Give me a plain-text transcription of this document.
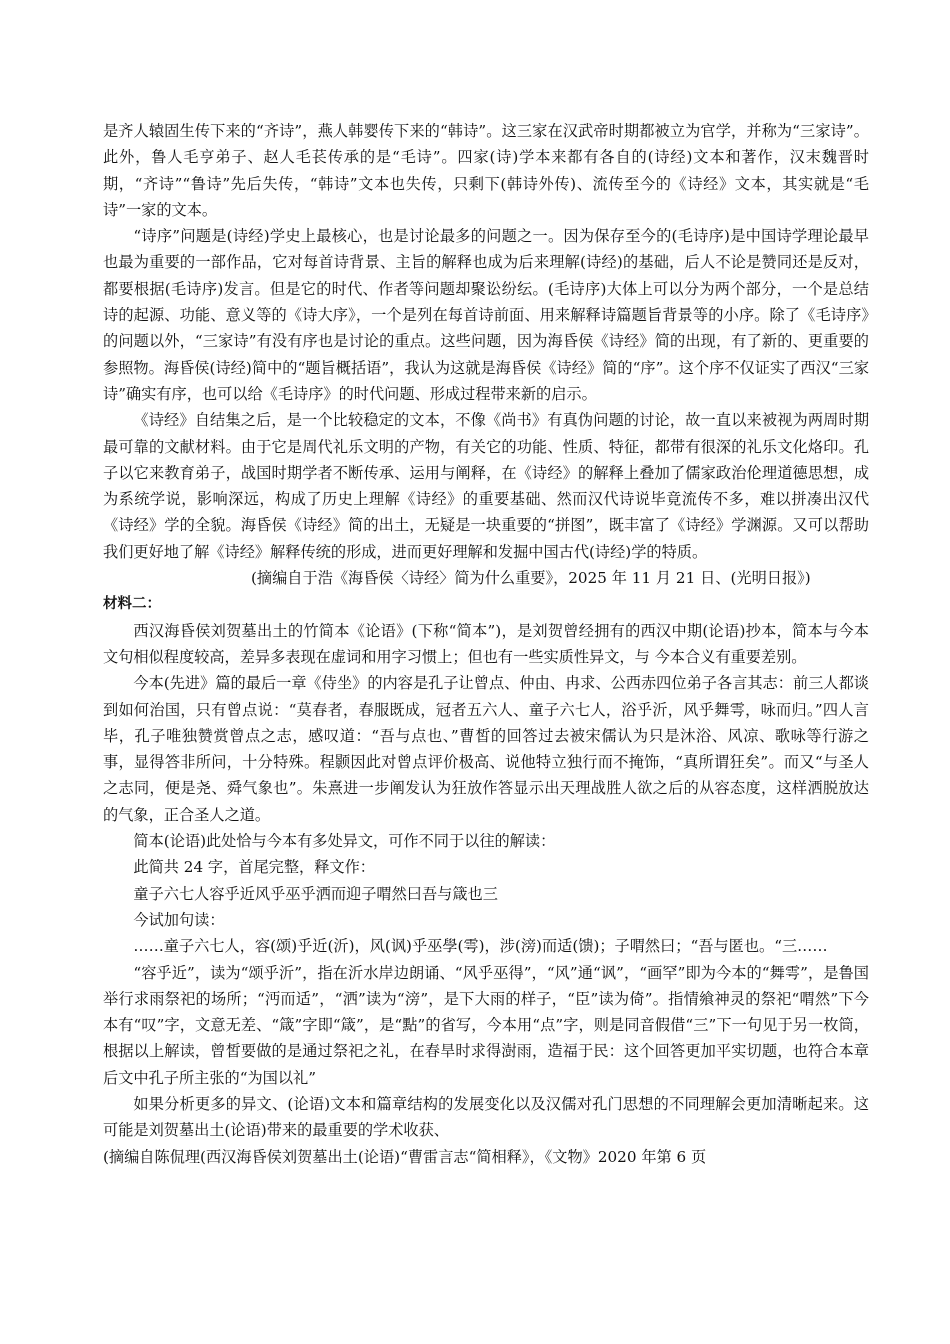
是齐人辕固生传下来的“齐诗”，燕人韩婴传下来的“韩诗”。这三家在汉武帝时期都被立为官学，并称为“三家诗”。此外，鲁人毛亨弟子、赵人毛苌传承的是“毛诗”。四家(诗)学本来都有各自的(诗经)文本和著作，汉末魏晋时期，“齐诗”“鲁诗”先后失传，“韩诗”文本也失传，只剩下(韩诗外传)、流传至今的《诗经》文本，其实就是“毛诗”一家的文本。

“诗序”问题是(诗经)学史上最核心，也是讨论最多的问题之一。因为保存至今的(毛诗序)是中国诗学理论最早也最为重要的一部作品，它对每首诗背景、主旨的解释也成为后来理解(诗经)的基础，后人不论是赞同还是反对，都要根据(毛诗序)发言。但是它的时代、作者等问题却聚讼纷纭。(毛诗序)大体上可以分为两个部分，一个是总结诗的起源、功能、意义等的《诗大序》，一个是列在每首诗前面、用来解释诗篇题旨背景等的小序。除了《毛诗序》的问题以外，“三家诗”有没有序也是讨论的重点。这些问题，因为海昏侯《诗经》简的出现，有了新的、更重要的参照物。海昏侯(诗经)简中的“题旨概括语”，我认为这就是海昏侯《诗经》简的“序”。这个序不仅证实了西汉“三家诗”确实有序，也可以给《毛诗序》的时代问题、形成过程带来新的启示。

《诗经》自结集之后，是一个比较稳定的文本，不像《尚书》有真伪问题的讨论，故一直以来被视为两周时期最可靠的文献材料。由于它是周代礼乐文明的产物，有关它的功能、性质、特征，都带有很深的礼乐文化烙印。孔子以它来教育弟子，战国时期学者不断传承、运用与阐释，在《诗经》的解释上叠加了儒家政治伦理道德思想，成为系统学说，影响深远，构成了历史上理解《诗经》的重要基础、然而汉代诗说毕竟流传不多，难以拼凑出汉代《诗经》学的全貌。海昏侯《诗经》简的出土，无疑是一块重要的“拼图”，既丰富了《诗经》学渊源。又可以帮助我们更好地了解《诗经》解释传统的形成，进而更好理解和发掘中国古代(诗经)学的特质。

(摘编自于浩《海昏侯〈诗经〉简为什么重要》，2025 年 11 月 21 日、(光明日报》)

材料二：

西汉海昏侯刘贺墓出土的竹简本《论语》(下称“简本”)，是刘贺曾经拥有的西汉中期(论语)抄本，简本与今本文句相似程度较高，差异多表现在虚词和用字习惯上；但也有一些实质性异文，与 今本合义有重要差别。

今本(先进》篇的最后一章《侍坐》的内容是孔子让曾点、仲由、冉求、公西赤四位弟子各言其志：前三人都谈到如何治国，只有曾点说：“莫春者，春服既成，冠者五六人、童子六七人，浴乎沂，风乎舞雩，咏而归。”四人言毕，孔子唯独赞赏曾点之志，感叹道：“吾与点也、”曹皙的回答过去被宋儒认为只是沐浴、风凉、歌咏等行游之事，显得答非所问，十分特殊。程颢因此对曾点评价极高、说他特立独行而不掩饰，“真所谓狂矣”。而又“与圣人之志同，便是尧、舜气象也”。朱熹进一步阐发认为狂放作答显示出天理战胜人欲之后的从容态度，这样洒脱放达的气象，正合圣人之道。

简本(论语)此处恰与今本有多处异文，可作不同于以往的解读：

此简共 24 字，首尾完整，释文作：

童子六七人容乎近风乎巫乎洒而迎子喟然曰吾与箴也三

今试加句读：

……童子六七人，容(颂)乎近(沂)，风(讽)乎巫學(雩)，涉(滂)而适(馈)；子喟然曰；“吾与匿也。“三……

“容乎近”，读为“颂乎沂”，指在沂水岸边朗诵、“风乎巫得”，“风”通“讽”，“画罕”即为今本的“舞雩”，是鲁国举行求雨祭祀的场所；“沔而适”，“洒”读为“滂”，是下大雨的样子，“臣”读为倚”。指情飨神灵的祭祀“喟然”下今本有“叹”字，文意无差、“箴”字即“箴”，是“點”的省写，今本用“点”字，则是同音假借“三”下一句见于另一枚筒，根据以上解读，曾皙要做的是通过祭祀之礼，在春旱时求得澍雨，造福于民：这个回答更加平实切题，也符合本章后文中孔子所主张的“为国以礼”

如果分析更多的异文、(论语)文本和篇章结构的发展变化以及汉儒对孔门思想的不同理解会更加清晰起来。这可能是刘贺墓出土(论语)带来的最重要的学术收获、

(摘编自陈侃理(西汉海昏侯刘贺墓出土(论语)“曹雷言志“简相释》，《文物》2020 年第 6 页
